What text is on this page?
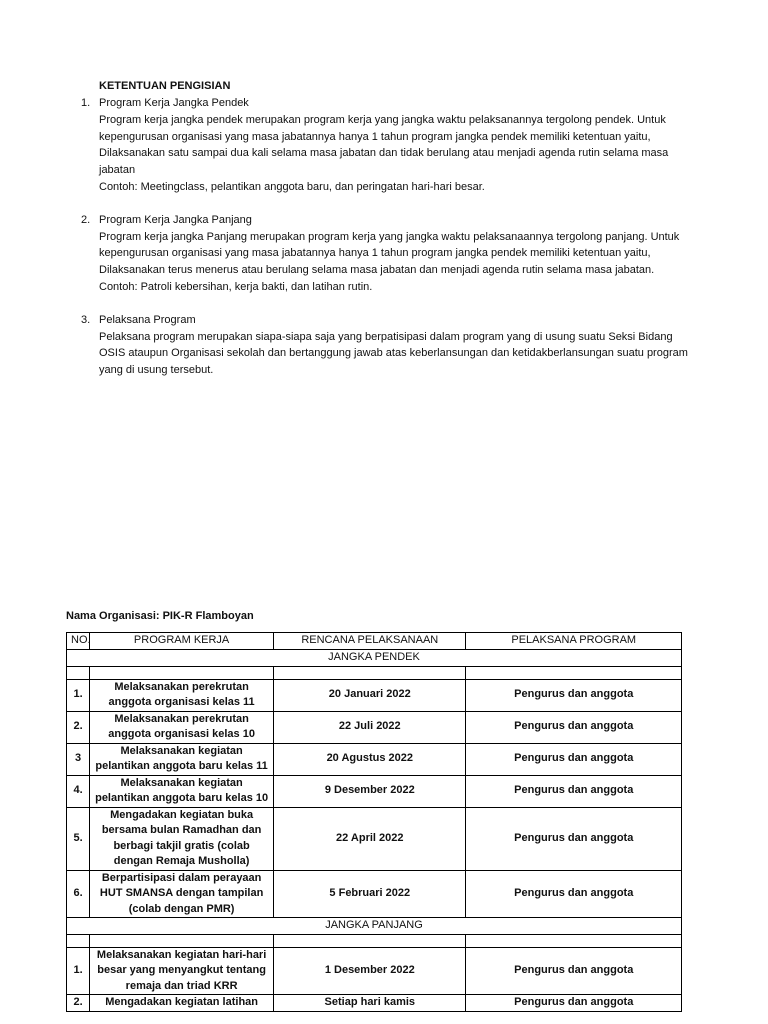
KETENTUAN PENGISIAN
1. Program Kerja Jangka Pendek

Program kerja jangka pendek merupakan program kerja yang jangka waktu pelaksanannya tergolong pendek. Untuk kepengurusan organisasi yang masa jabatannya hanya 1 tahun program jangka pendek memiliki ketentuan yaitu, Dilaksanakan satu sampai dua kali selama masa jabatan dan tidak berulang atau menjadi agenda rutin selama masa jabatan

Contoh: Meetingclass, pelantikan anggota baru, dan peringatan hari-hari besar.

2. Program Kerja Jangka Panjang

Program kerja jangka Panjang merupakan program kerja yang jangka waktu pelaksanaannya tergolong panjang. Untuk kepengurusan organisasi yang masa jabatannya hanya 1 tahun program jangka pendek memiliki ketentuan yaitu, Dilaksanakan terus menerus atau berulang selama masa jabatan dan menjadi agenda rutin selama masa jabatan.

Contoh: Patroli kebersihan, kerja bakti, dan latihan rutin.

3. Pelaksana Program

Pelaksana program merupakan siapa-siapa saja yang berpatisipasi dalam program yang di usung suatu Seksi Bidang OSIS ataupun Organisasi sekolah dan bertanggung jawab atas keberlansungan dan ketidakberlansungan suatu program yang di usung tersebut.

Nama Organisasi: PIK-R Flamboyan
NO.	PROGRAM KERJA	RENCANA PELAKSANAAN	PELAKSANA PROGRAM
JANGKA PENDEK			

1.	Melaksanakan perekrutan anggota organisasi kelas 11	20 Januari 2022	Pengurus dan anggota
2.	Melaksanakan perekrutan anggota organisasi kelas 10	22 Juli 2022	Pengurus dan anggota
3	Melaksanakan kegiatan pelantikan anggota baru kelas 11	20 Agustus 2022	Pengurus dan anggota
4.	Melaksanakan kegiatan pelantikan anggota baru kelas 10	9 Desember 2022	Pengurus dan anggota
5.	Mengadakan kegiatan buka bersama bulan Ramadhan dan berbagi takjil gratis (colab dengan Remaja Musholla)	22 April 2022	Pengurus dan anggota
6.	Berpartisipasi dalam perayaan HUT SMANSA dengan tampilan (colab dengan PMR)	5 Februari 2022	Pengurus dan anggota
JANGKA PANJANG			

1.	Melaksanakan kegiatan hari-hari besar yang menyangkut tentang remaja dan triad KRR	1 Desember 2022	Pengurus dan anggota
2.	Mengadakan kegiatan latihan	Setiap hari kamis	Pengurus dan anggota
